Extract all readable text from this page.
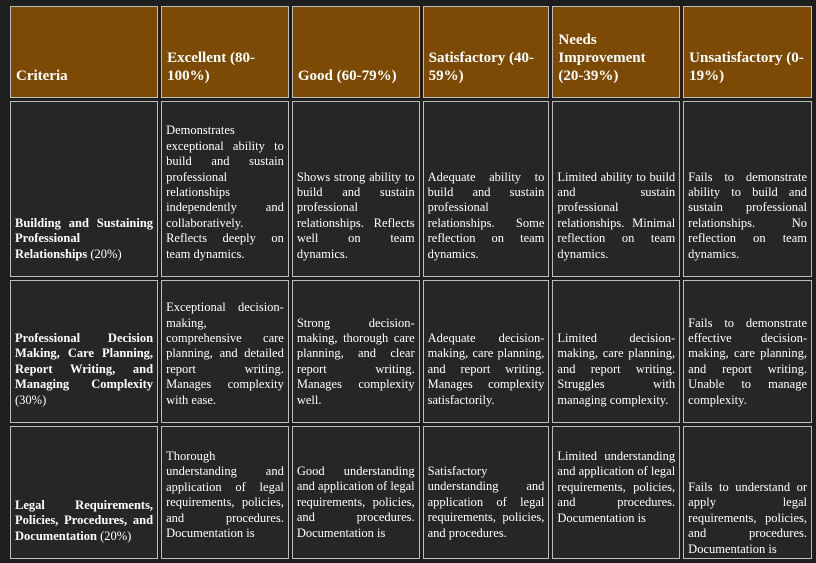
Criteria	Excellent (80-100%)	Good (60-79%)	Satisfactory (40-59%)	Needs Improvement (20-39%)	Unsatisfactory (0-19%)
Building and Sustaining Professional Relationships (20%)	Demonstrates exceptional ability to build and sustain professional relationships independently and collaboratively. Reflects deeply on team dynamics.	Shows strong ability to build and sustain professional relationships. Reflects well on team dynamics.	Adequate ability to build and sustain professional relationships. Some reflection on team dynamics.	Limited ability to build and sustain professional relationships. Minimal reflection on team dynamics.	Fails to demonstrate ability to build and sustain professional relationships. No reflection on team dynamics.
Professional Decision Making, Care Planning, Report Writing, and Managing Complexity (30%)	Exceptional decision-making, comprehensive care planning, and detailed report writing. Manages complexity with ease.	Strong decision-making, thorough care planning, and clear report writing. Manages complexity well.	Adequate decision-making, care planning, and report writing. Manages complexity satisfactorily.	Limited decision-making, care planning, and report writing. Struggles with managing complexity.	Fails to demonstrate effective decision-making, care planning, and report writing. Unable to manage complexity.
Legal Requirements, Policies, Procedures, and Documentation (20%)	Thorough understanding and application of legal requirements, policies, and procedures. Documentation is	Good understanding and application of legal requirements, policies, and procedures. Documentation is	Satisfactory understanding and application of legal requirements, policies, and procedures.	Limited understanding and application of legal requirements, policies, and procedures. Documentation is	Fails to understand or apply legal requirements, policies, and procedures. Documentation is
